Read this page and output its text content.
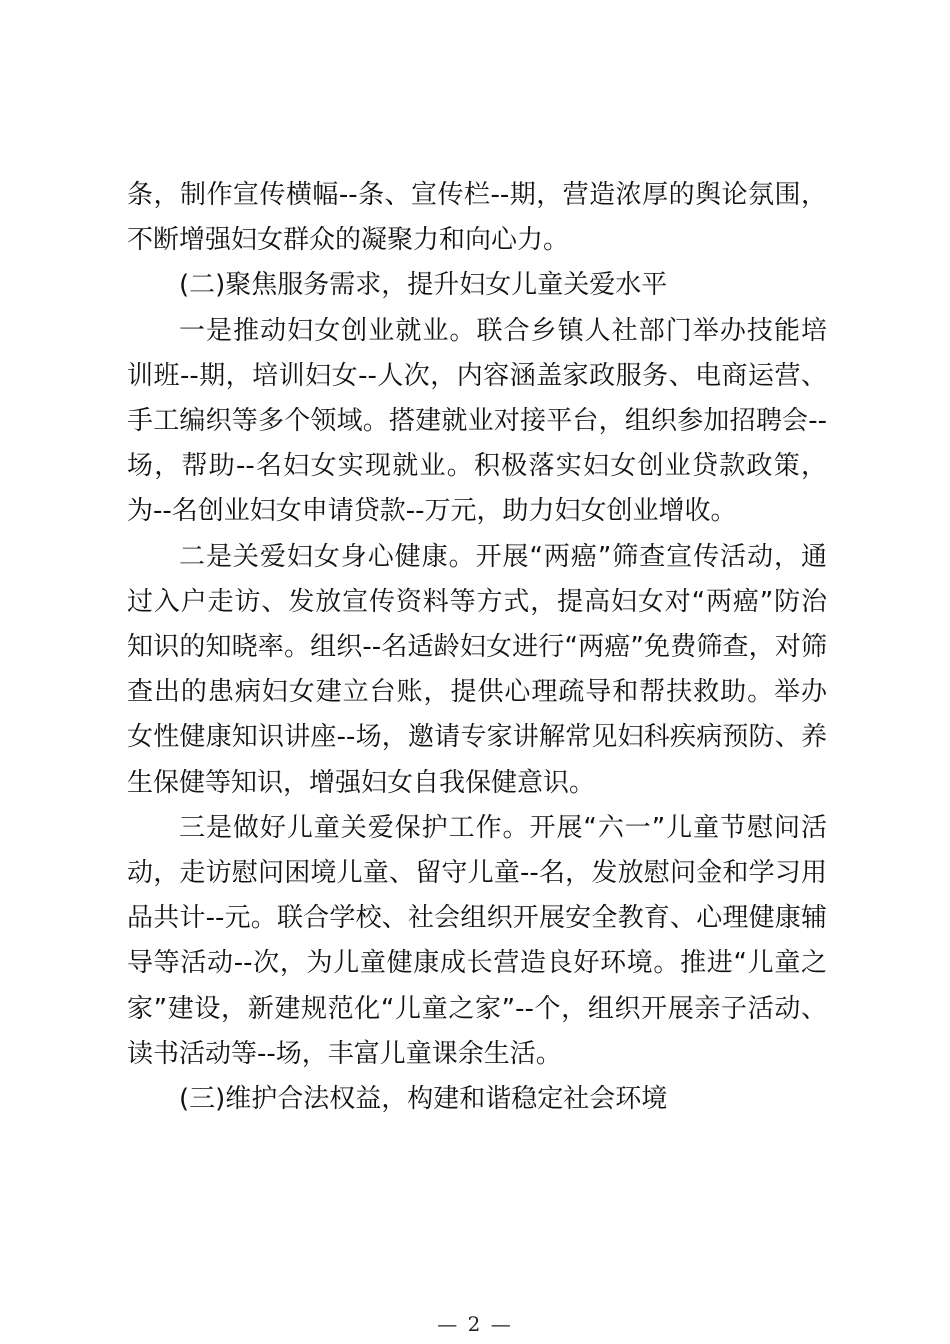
条，制作宣传横幅--条、宣传栏--期，营造浓厚的舆论氛围，不断增强妇女群众的凝聚力和向心力。

(二)聚焦服务需求，提升妇女儿童关爱水平

一是推动妇女创业就业。联合乡镇人社部门举办技能培训班--期，培训妇女--人次，内容涵盖家政服务、电商运营、手工编织等多个领域。搭建就业对接平台，组织参加招聘会--场，帮助--名妇女实现就业。积极落实妇女创业贷款政策，为--名创业妇女申请贷款--万元，助力妇女创业增收。

二是关爱妇女身心健康。开展“两癌”筛查宣传活动，通过入户走访、发放宣传资料等方式，提高妇女对“两癌”防治知识的知晓率。组织--名适龄妇女进行“两癌”免费筛查，对筛查出的患病妇女建立台账，提供心理疏导和帮扶救助。举办女性健康知识讲座--场，邀请专家讲解常见妇科疾病预防、养生保健等知识，增强妇女自我保健意识。

三是做好儿童关爱保护工作。开展“六一”儿童节慰问活动，走访慰问困境儿童、留守儿童--名，发放慰问金和学习用品共计--元。联合学校、社会组织开展安全教育、心理健康辅导等活动--次，为儿童健康成长营造良好环境。推进“儿童之家”建设，新建规范化“儿童之家”--个，组织开展亲子活动、读书活动等--场，丰富儿童课余生活。

(三)维护合法权益，构建和谐稳定社会环境

— 2 —
